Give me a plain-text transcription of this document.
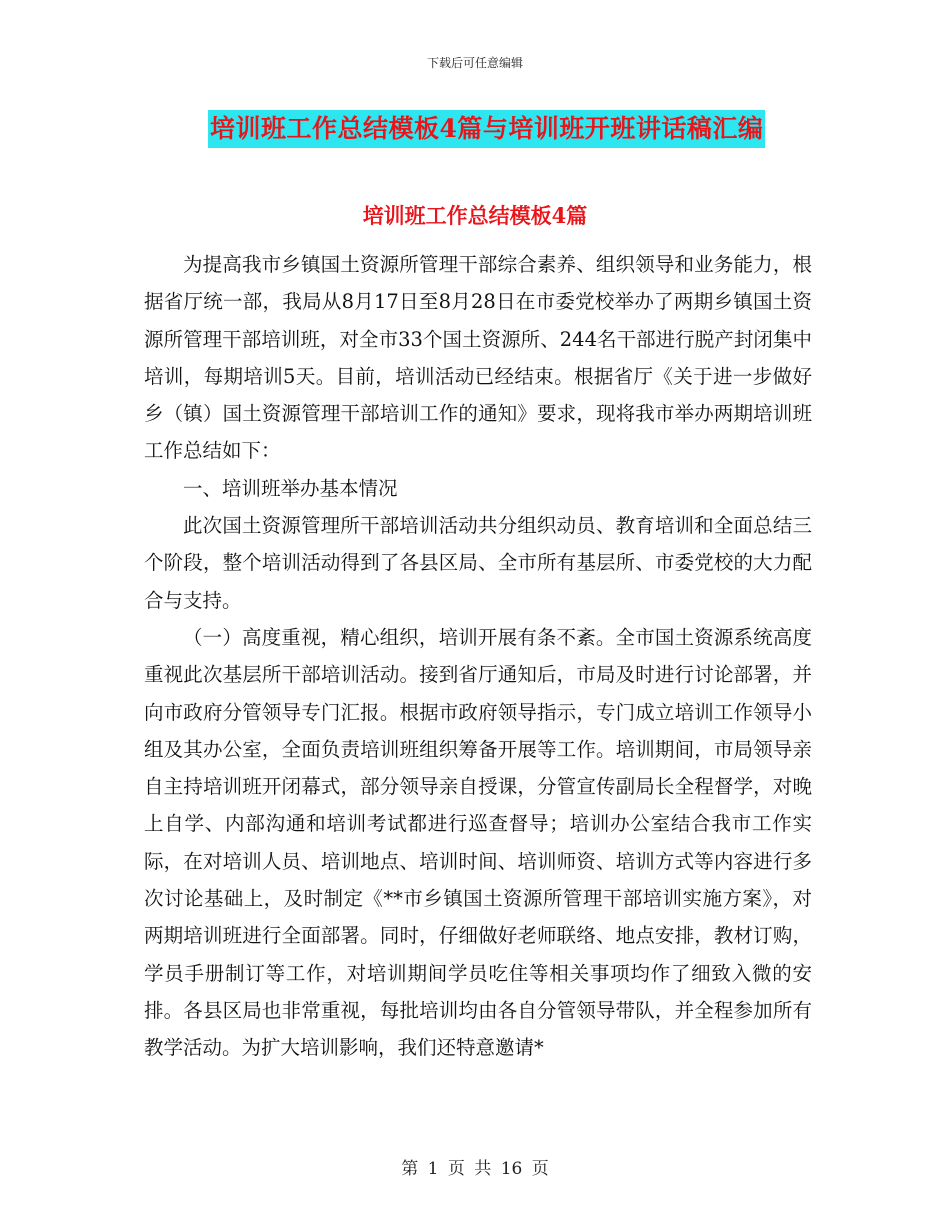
下载后可任意编辑
培训班工作总结模板4篇与培训班开班讲话稿汇编
培训班工作总结模板4篇

为提高我市乡镇国土资源所管理干部综合素养、组织领导和业务能力，根据省厅统一部，我局从8月17日至8月28日在市委党校举办了两期乡镇国土资源所管理干部培训班，对全市33个国土资源所、244名干部进行脱产封闭集中培训，每期培训5天。目前，培训活动已经结束。根据省厅《关于进一步做好乡（镇）国土资源管理干部培训工作的通知》要求，现将我市举办两期培训班工作总结如下：

一、培训班举办基本情况

此次国土资源管理所干部培训活动共分组织动员、教育培训和全面总结三个阶段，整个培训活动得到了各县区局、全市所有基层所、市委党校的大力配合与支持。

（一）高度重视，精心组织，培训开展有条不紊。全市国土资源系统高度重视此次基层所干部培训活动。接到省厅通知后，市局及时进行讨论部署，并向市政府分管领导专门汇报。根据市政府领导指示，专门成立培训工作领导小组及其办公室，全面负责培训班组织筹备开展等工作。培训期间，市局领导亲自主持培训班开闭幕式，部分领导亲自授课，分管宣传副局长全程督学，对晚上自学、内部沟通和培训考试都进行巡查督导；培训办公室结合我市工作实际，在对培训人员、培训地点、培训时间、培训师资、培训方式等内容进行多次讨论基础上，及时制定《**市乡镇国土资源所管理干部培训实施方案》，对两期培训班进行全面部署。同时，仔细做好老师联络、地点安排，教材订购，学员手册制订等工作，对培训期间学员吃住等相关事项均作了细致入微的安排。各县区局也非常重视，每批培训均由各自分管领导带队，并全程参加所有教学活动。为扩大培训影响，我们还特意邀请*

第 1 页 共 16 页
